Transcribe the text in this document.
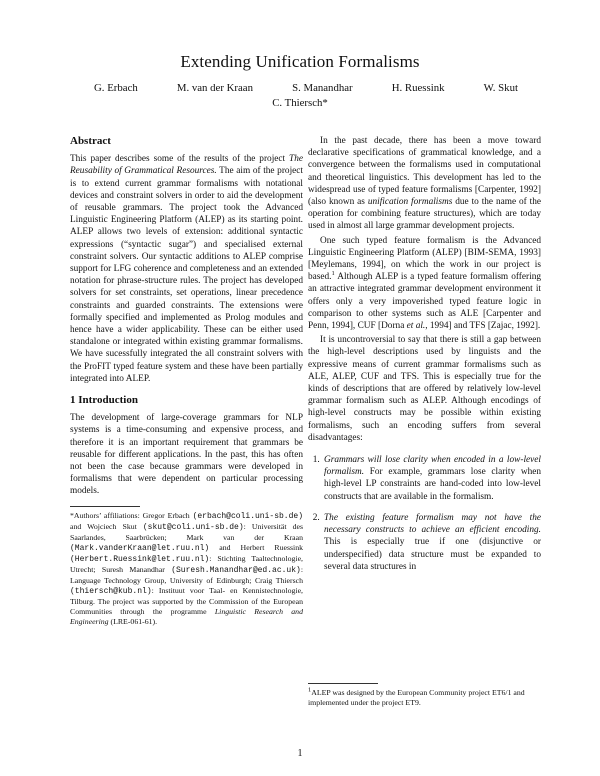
Extending Unification Formalisms
G. Erbach	M. van der Kraan	S. Manandhar	H. Ruessink	W. Skut
C. Thiersch*
Abstract

This paper describes some of the results of the project The Reusability of Grammatical Resources. The aim of the project is to extend current grammar formalisms with notational devices and constraint solvers in order to aid the development of reusable grammars. The project took the Advanced Linguistic Engineering Platform (ALEP) as its starting point. ALEP allows two levels of extension: additional syntactic expressions (“syntactic sugar”) and specialised external constraint solvers. Our syntactic additions to ALEP comprise support for LFG coherence and completeness and an extended notation for phrase-structure rules. The project has developed solvers for set constraints, set operations, linear precedence constraints and guarded constraints. The extensions were formally specified and implemented as Prolog modules and hence have a wider applicability. These can be either used standalone or integrated within existing grammar formalisms. We have sucessfully integrated the all constraint solvers with the ProFIT typed feature system and these have been partially integrated into ALEP.

1 Introduction

The development of large-coverage grammars for NLP systems is a time-consuming and expensive process, and therefore it is an important requirement that grammars be reusable for different applications. In the past, this has often not been the case because grammars were developed in formalisms that were dependent on particular processing models.

*Authors’ affiliations: Gregor Erbach (erbach@coli.uni-sb.de) and Wojciech Skut (skut@coli.uni-sb.de): Universität des Saarlandes, Saarbrücken; Mark van der Kraan (Mark.vanderKraan@let.ruu.nl) and Herbert Ruessink (Herbert.Ruessink@let.ruu.nl): Stichting Taaltechnologie, Utrecht; Suresh Manandhar (Suresh.Manandhar@ed.ac.uk): Language Technology Group, University of Edinburgh; Craig Thiersch (thiersch@kub.nl): Instituut voor Taal- en Kennistechnologie, Tilburg. The project was supported by the Commission of the European Communities through the programme Linguistic Research and Engineering (LRE-061-61).

In the past decade, there has been a move toward declarative specifications of grammatical knowledge, and a convergence between the formalisms used in computational and theoretical linguistics. This development has led to the widespread use of typed feature formalisms [Carpenter, 1992] (also known as unification formalisms due to the name of the operation for combining feature structures), which are today used in almost all large grammar development projects.

One such typed feature formalism is the Advanced Linguistic Engineering Platform (ALEP) [BIM-SEMA, 1993] [Meylemans, 1994], on which the work in our project is based.$^1$ Although ALEP is a typed feature formalism offering an attractive integrated grammar development environment it offers only a very impoverished typed feature logic in comparison to other systems such as ALE [Carpenter and Penn, 1994], CUF [Dorna et al., 1994] and TFS [Zajac, 1992].

It is uncontroversial to say that there is still a gap between the high-level descriptions used by linguists and the expressive means of current grammar formalisms such as ALE, ALEP, CUF and TFS. This is especially true for the kinds of descriptions that are offered by relatively low-level grammar formalism such as ALEP. Although encodings of high-level constructs may be possible within existing formalisms, such an encoding suffers from several disadvantages:

1. Grammars will lose clarity when encoded in a low-level formalism. For example, grammars lose clarity when high-level LP constraints are hand-coded into low-level constructs that are available in the formalism.
2. The existing feature formalism may not have the necessary constructs to achieve an efficient encoding. This is especially true if one (disjunctive or underspecified) data structure must be expanded to several data structures in
$^1$ALEP was designed by the European Community project ET6/1 and implemented under the project ET9.
1
